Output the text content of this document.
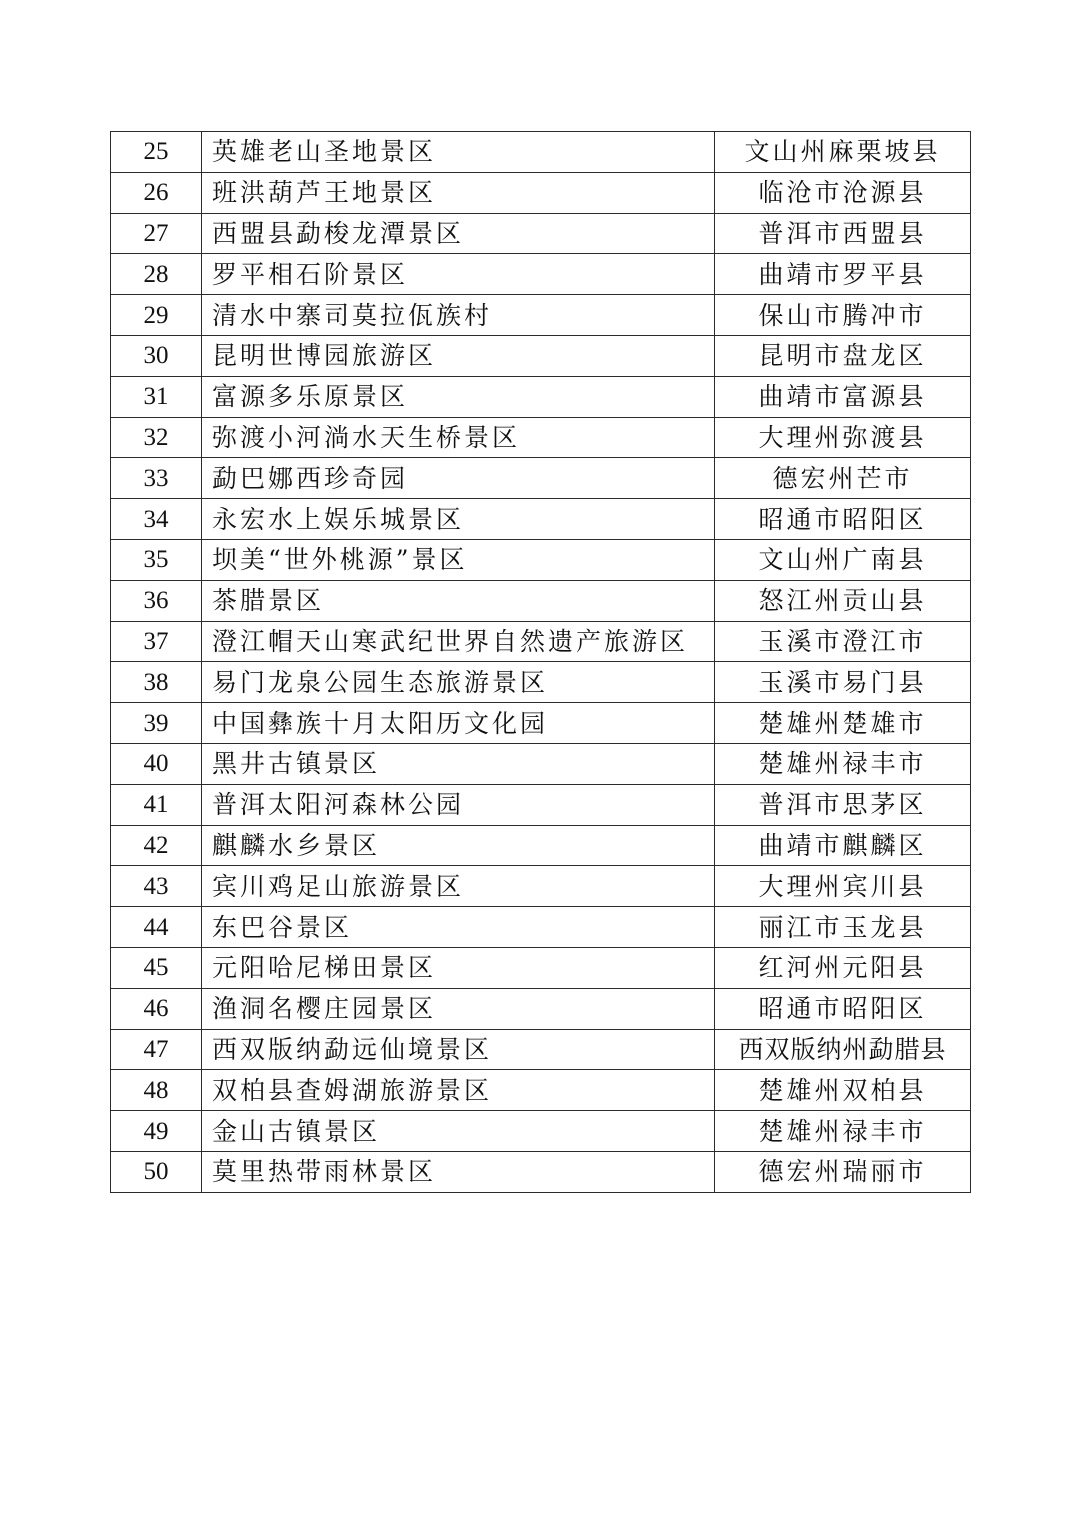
25	英雄老山圣地景区	文山州麻栗坡县
26	班洪葫芦王地景区	临沧市沧源县
27	西盟县勐梭龙潭景区	普洱市西盟县
28	罗平相石阶景区	曲靖市罗平县
29	清水中寨司莫拉佤族村	保山市腾冲市
30	昆明世博园旅游区	昆明市盘龙区
31	富源多乐原景区	曲靖市富源县
32	弥渡小河淌水天生桥景区	大理州弥渡县
33	勐巴娜西珍奇园	德宏州芒市
34	永宏水上娱乐城景区	昭通市昭阳区
35	坝美“世外桃源”景区	文山州广南县
36	茶腊景区	怒江州贡山县
37	澄江帽天山寒武纪世界自然遗产旅游区	玉溪市澄江市
38	易门龙泉公园生态旅游景区	玉溪市易门县
39	中国彝族十月太阳历文化园	楚雄州楚雄市
40	黑井古镇景区	楚雄州禄丰市
41	普洱太阳河森林公园	普洱市思茅区
42	麒麟水乡景区	曲靖市麒麟区
43	宾川鸡足山旅游景区	大理州宾川县
44	东巴谷景区	丽江市玉龙县
45	元阳哈尼梯田景区	红河州元阳县
46	渔洞名樱庄园景区	昭通市昭阳区
47	西双版纳勐远仙境景区	西双版纳州勐腊县
48	双柏县查姆湖旅游景区	楚雄州双柏县
49	金山古镇景区	楚雄州禄丰市
50	莫里热带雨林景区	德宏州瑞丽市
